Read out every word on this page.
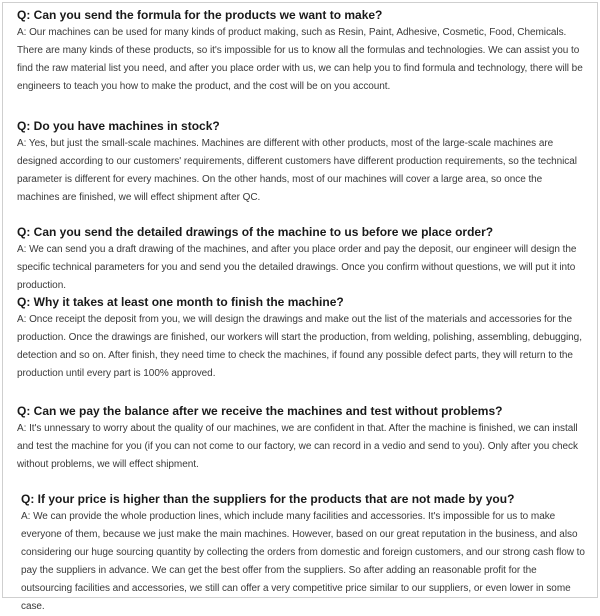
Q: Can you send the formula for the products we want to make?

A: Our machines can be used for many kinds of product making, such as Resin, Paint, Adhesive, Cosmetic, Food, Chemicals. There are many kinds of these products, so it's impossible for us to know all the formulas and technologies. We can assist you to find the raw material list you need, and after you place order with us, we can help you to find formula and technology, there will be engineers to teach you how to make the product, and the cost will be on you account.

Q: Do you have machines in stock?

A: Yes, but just the small-scale machines. Machines are different with other products, most of the large-scale machines are designed according to our customers' requirements, different customers have different production requirements, so the technical parameter is different for every machines. On the other hands, most of our machines will cover a large area, so once the machines are finished, we will effect shipment after QC.

Q: Can you send the detailed drawings of the machine to us before we place order?

A: We can send you a draft drawing of the machines, and after you place order and pay the deposit, our engineer will design the specific technical parameters for you and send you the detailed drawings. Once you confirm without questions, we will put it into production.

Q: Why it takes at least one month to finish the machine?

A: Once receipt the deposit from you, we will design the drawings and make out the list of the materials and accessories for the production. Once the drawings are finished, our workers will start the production, from welding, polishing, assembling, debugging, detection and so on. After finish, they need time to check the machines, if found any possible defect parts, they will return to the production until every part is 100% approved.

Q: Can we pay the balance after we receive the machines and test without problems?

A: It's unnessary to worry about the quality of our machines, we are confident in that. After the machine is finished, we can install and test the machine for you (if you can not come to our factory, we can record in a vedio and send to you). Only after you check without problems, we will effect shipment.

Q: If your price is higher than the suppliers for the products that are not made by you?

A: We can provide the whole production lines, which include many facilities and accessories. It's impossible for us to make everyone of them, because we just make the main machines. However, based on our great reputation in the business, and also considering our huge sourcing quantity by collecting the orders from domestic and foreign customers, and our strong cash flow to pay the suppliers in advance. We can get the best offer from the suppliers. So after adding an reasonable profit for the outsourcing facilities and accessories, we still can offer a very competitive price similar to our suppliers, or even lower in some case.
